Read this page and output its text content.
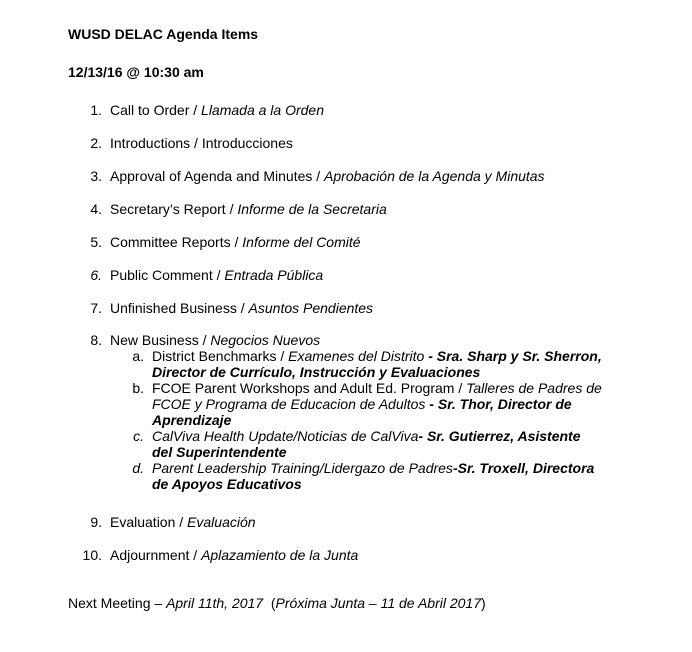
WUSD DELAC Agenda Items

12/13/16 @ 10:30 am

1. Call to Order / Llamada a la Orden
2. Introductions / Introducciones
3. Approval of Agenda and Minutes / Aprobación de la Agenda y Minutas
4. Secretary’s Report / Informe de la Secretaria
5. Committee Reports / Informe del Comité
6. Public Comment / Entrada Pública
7. Unfinished Business / Asuntos Pendientes
8. New Business / Negocios Nuevos
a. District Benchmarks / Examenes del Distrito - Sra. Sharp y Sr. Sherron, Director de Currículo, Instrucción y Evaluaciones
b. FCOE Parent Workshops and Adult Ed. Program / Talleres de Padres de FCOE y Programa de Educacion de Adultos - Sr. Thor, Director de Aprendizaje
c. CalViva Health Update/Noticias de CalViva- Sr. Gutierrez, Asistente del Superintendente
d. Parent Leadership Training/Lidergazo de Padres-Sr. Troxell, Directora de Apoyos Educativos
9. Evaluation / Evaluación
10. Adjournment / Aplazamiento de la Junta
Next Meeting – April 11th, 2017  (Próxima Junta – 11 de Abril 2017)
